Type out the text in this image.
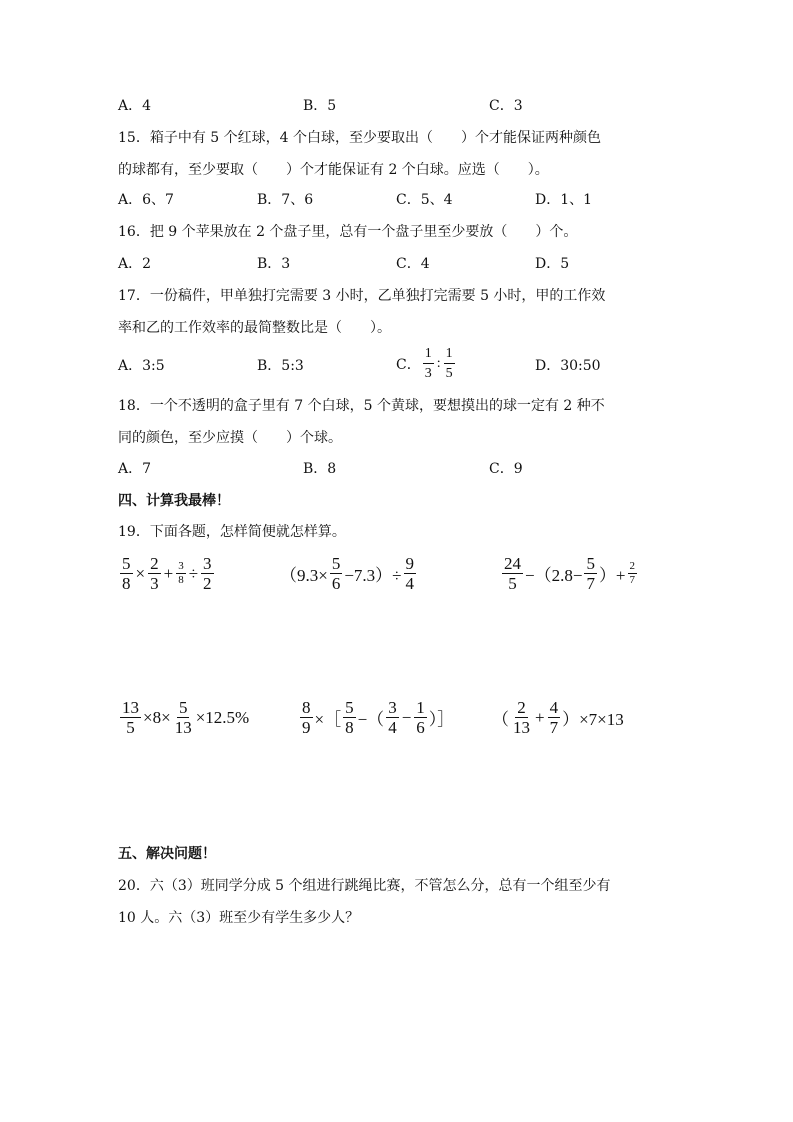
A．4	B．5	C．3
15．箱子中有 5 个红球，4 个白球，至少要取出（　　）个才能保证两种颜色
的球都有，至少要取（　　）个才能保证有 2 个白球。应选（　　）。
A．6、7	B．7、6	C．5、4	D．1、1
16．把 9 个苹果放在 2 个盘子里，总有一个盘子里至少要放（　　）个。
A．2	B．3	C．4	D．5
17．一份稿件，甲单独打完需要 3 小时，乙单独打完需要 5 小时，甲的工作效
率和乙的工作效率的最简整数比是（　　）。
A．3:5	B．5:3	C． $\frac{1}{3}$ : $\frac{1}{5}$	D．30:50
18．一个不透明的盒子里有 7 个白球，5 个黄球，要想摸出的球一定有 2 种不
同的颜色，至少应摸（　　）个球。
A．7	B．8	C．9
四、计算我最棒！
19．下面各题，怎样简便就怎样算。
$\frac{5}{8} \times \frac{2}{3} + \frac{3}{8} \div \frac{3}{2}$	$(9.3\times \frac{5}{6} -7.3)\div \frac{9}{4}$	$\frac{24}{5} -(2.8- \frac{5}{7}$ ）+ $\frac{2}{7}$
$\frac{13}{5} \times 8\times \frac{5}{13} \times 12.5\%$	$\frac{8}{9}$ ×［ $\frac{5}{8}$ −（ $\frac{3}{4} - \frac{1}{6}$ ）］ （ $\frac{2}{13} + \frac{4}{7} )\times 7\times 13$
五、解决问题！
20．六（3）班同学分成 5 个组进行跳绳比赛，不管怎么分，总有一个组至少有
10 人。六（3）班至少有学生多少人？
